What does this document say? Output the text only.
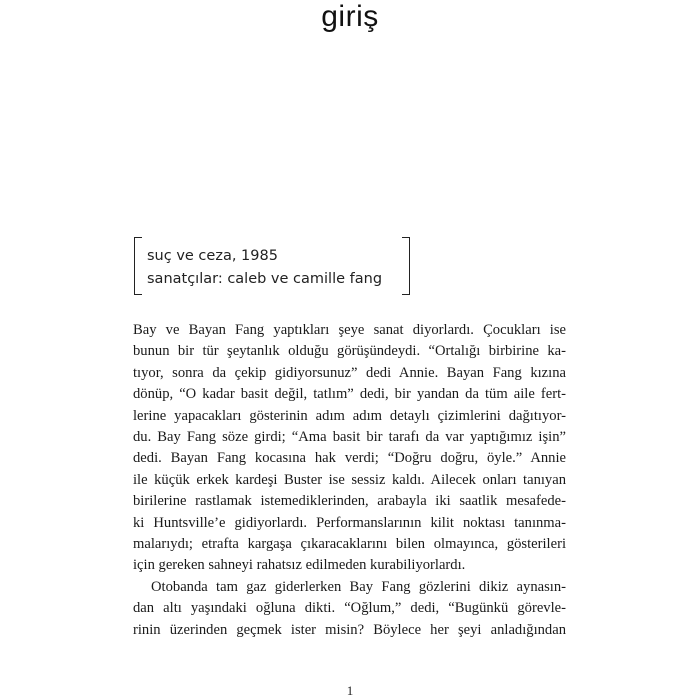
giriş
suç ve ceza, 1985
sanatçılar: caleb ve camille fang

Bay ve Bayan Fang yaptıkları şeye sanat diyorlardı. Çocukları ise

bunun bir tür şeytanlık olduğu görüşündeydi. “Ortalığı birbirine ka-

tıyor, sonra da çekip gidiyorsunuz” dedi Annie. Bayan Fang kızına

dönüp, “O kadar basit değil, tatlım” dedi, bir yandan da tüm aile fert-

lerine yapacakları gösterinin adım adım detaylı çizimlerini dağıtıyor-

du. Bay Fang söze girdi; “Ama basit bir tarafı da var yaptığımız işin”

dedi. Bayan Fang kocasına hak verdi; “Doğru doğru, öyle.” Annie

ile küçük erkek kardeşi Buster ise sessiz kaldı. Ailecek onları tanıyan

birilerine rastlamak istemediklerinden, arabayla iki saatlik mesafede-

ki Huntsville’e gidiyorlardı. Performanslarının kilit noktası tanınma-

malarıydı; etrafta kargaşa çıkaracaklarını bilen olmayınca, gösterileri

için gereken sahneyi rahatsız edilmeden kurabiliyorlardı.

Otobanda tam gaz giderlerken Bay Fang gözlerini dikiz aynasın-

dan altı yaşındaki oğluna dikti. “Oğlum,” dedi, “Bugünkü görevle-

rinin üzerinden geçmek ister misin? Böylece her şeyi anladığından

1
